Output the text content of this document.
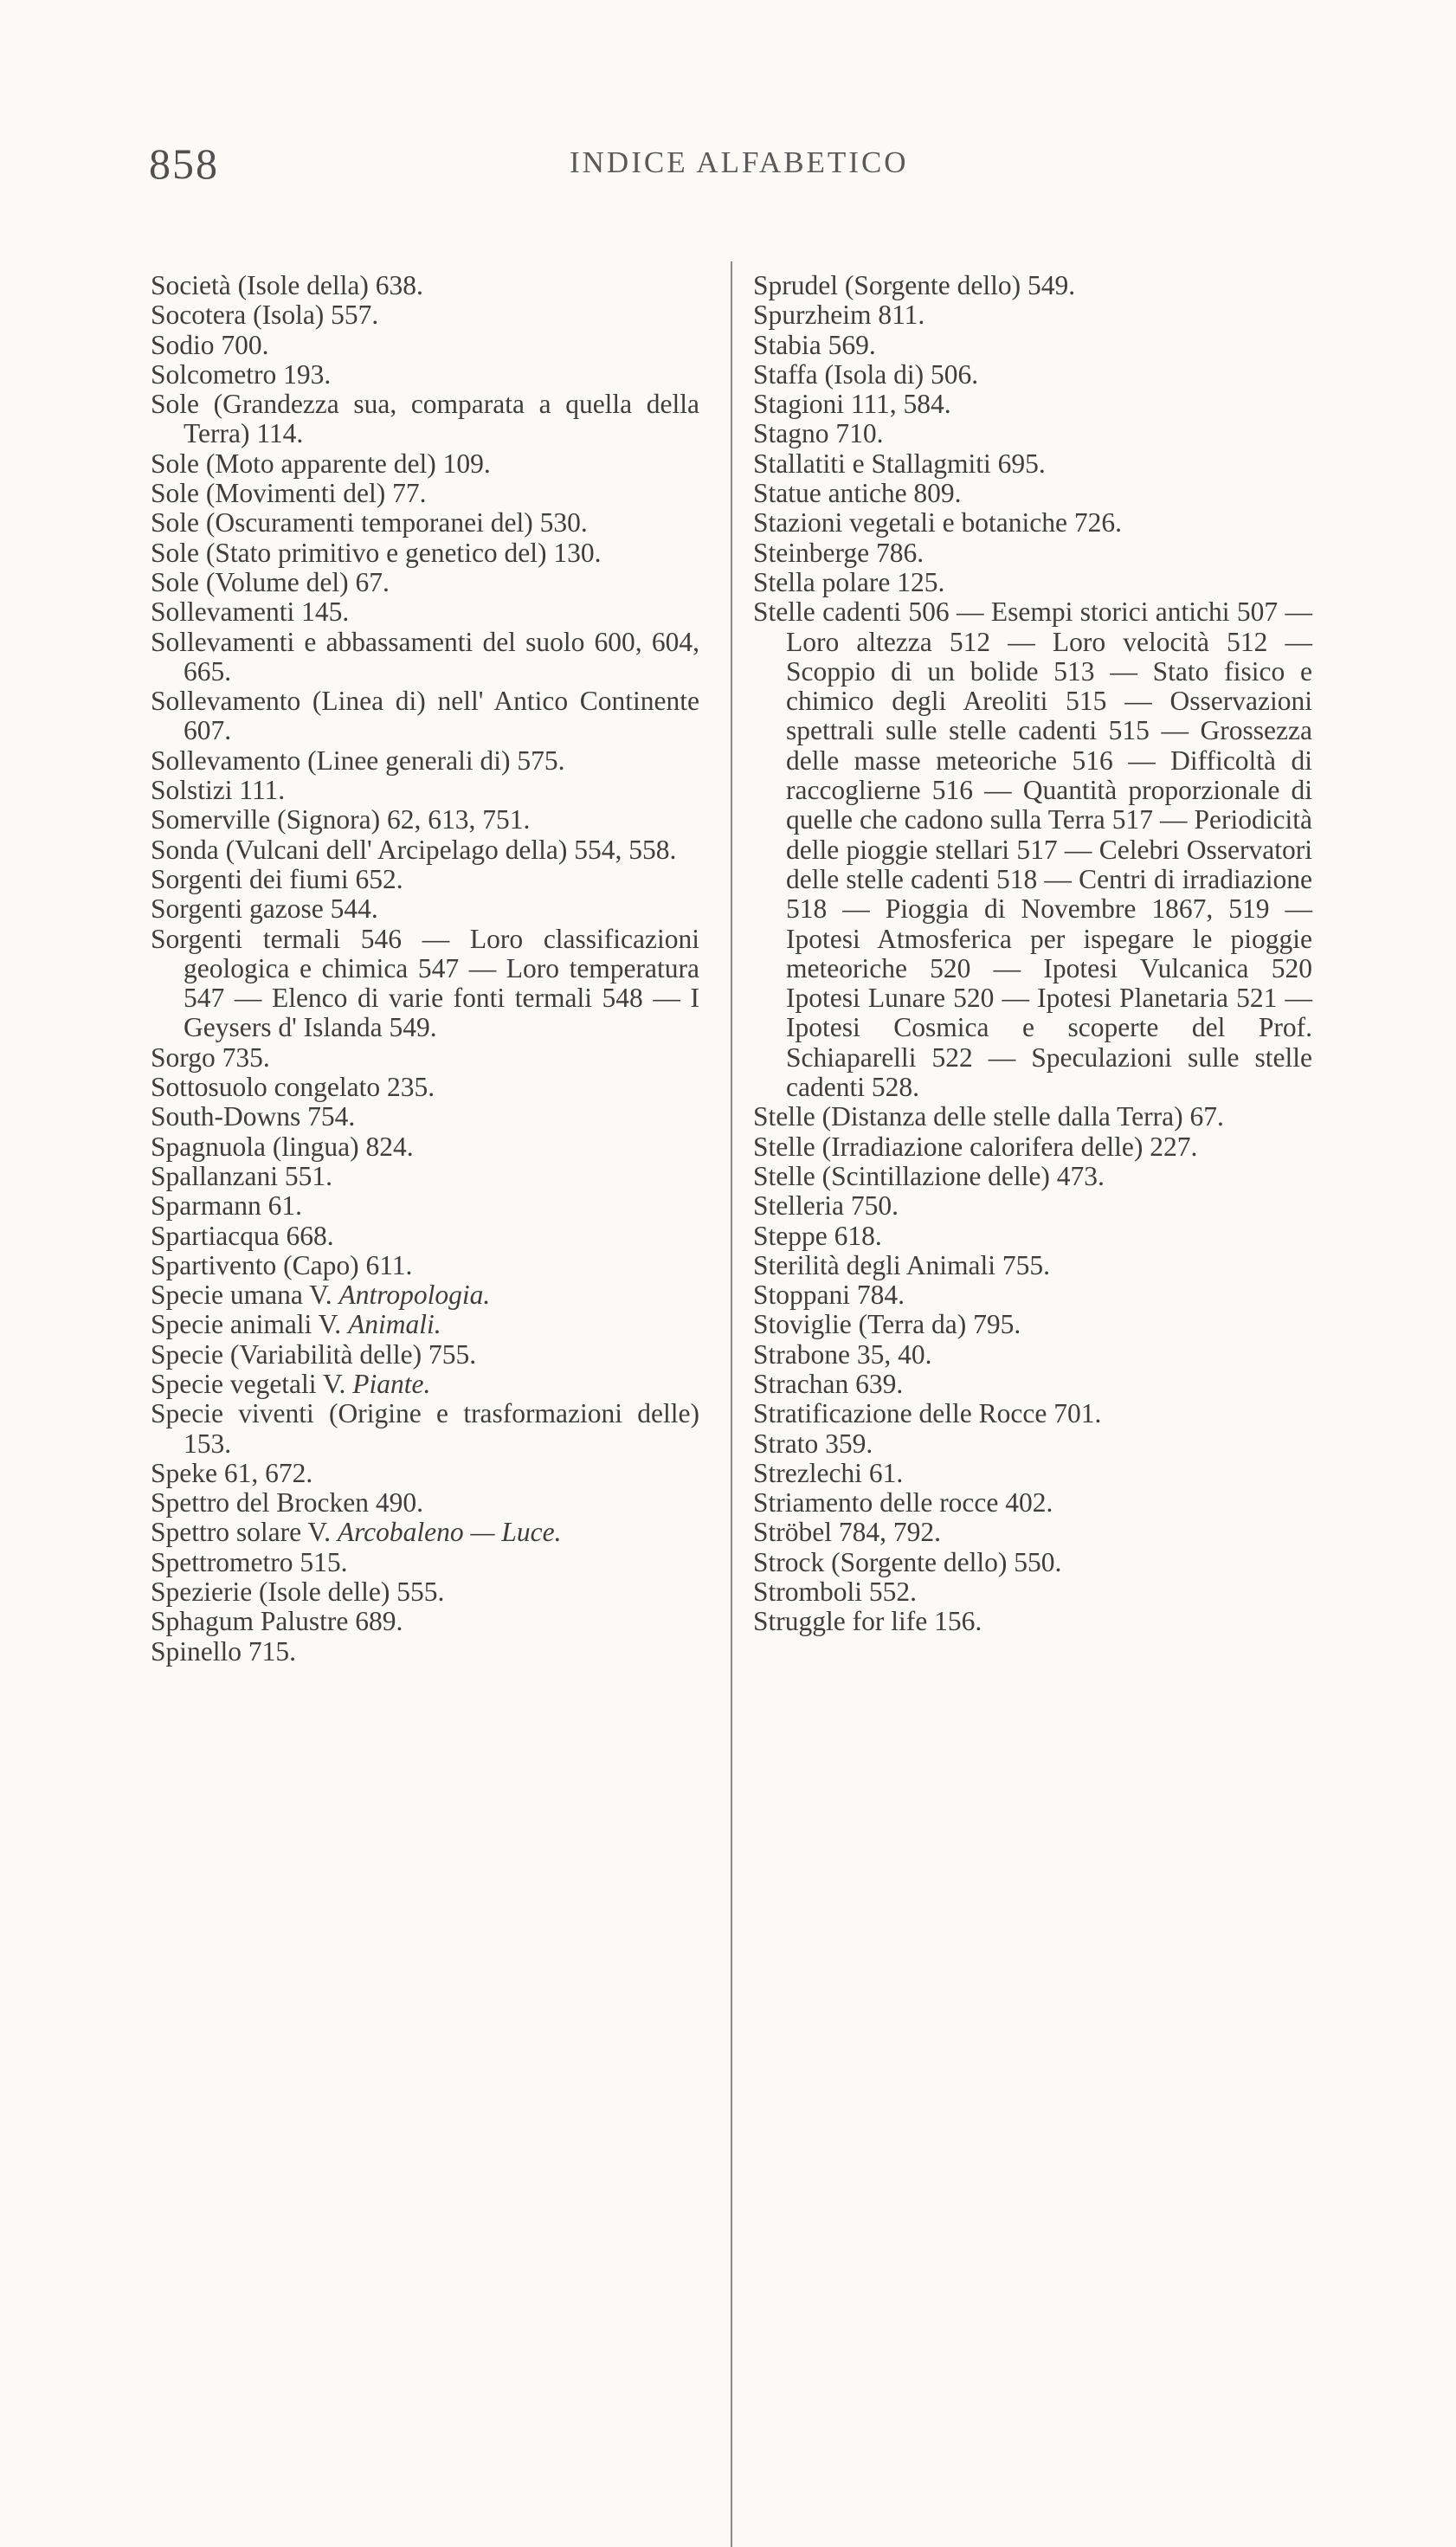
858	INDICE ALFABETICO
Società (Isole della) 638.
Socotera (Isola) 557.
Sodio 700.
Solcometro 193.
Sole (Grandezza sua, comparata a quella della Terra) 114.
Sole (Moto apparente del) 109.
Sole (Movimenti del) 77.
Sole (Oscuramenti temporanei del) 530.
Sole (Stato primitivo e genetico del) 130.
Sole (Volume del) 67.
Sollevamenti 145.
Sollevamenti e abbassamenti del suolo 600, 604, 665.
Sollevamento (Linea di) nell' Antico Continente 607.
Sollevamento (Linee generali di) 575.
Solstizi 111.
Somerville (Signora) 62, 613, 751.
Sonda (Vulcani dell' Arcipelago della) 554, 558.
Sorgenti dei fiumi 652.
Sorgenti gazose 544.
Sorgenti termali 546 — Loro classificazioni geologica e chimica 547 — Loro temperatura 547 — Elenco di varie fonti termali 548 — I Geysers d' Islanda 549.
Sorgo 735.
Sottosuolo congelato 235.
South-Downs 754.
Spagnuola (lingua) 824.
Spallanzani 551.
Sparmann 61.
Spartiacqua 668.
Spartivento (Capo) 611.
Specie umana V. Antropologia.
Specie animali V. Animali.
Specie (Variabilità delle) 755.
Specie vegetali V. Piante.
Specie viventi (Origine e trasformazioni delle) 153.
Speke 61, 672.
Spettro del Brocken 490.
Spettro solare V. Arcobaleno — Luce.
Spettrometro 515.
Spezierie (Isole delle) 555.
Sphagum Palustre 689.
Spinello 715.
Sprudel (Sorgente dello) 549.
Spurzheim 811.
Stabia 569.
Staffa (Isola di) 506.
Stagioni 111, 584.
Stagno 710.
Stallatiti e Stallagmiti 695.
Statue antiche 809.
Stazioni vegetali e botaniche 726.
Steinberge 786.
Stella polare 125.
Stelle cadenti 506 — Esempi storici antichi 507 — Loro altezza 512 — Loro velocità 512 — Scoppio di un bolide 513 — Stato fisico e chimico degli Areoliti 515 — Osservazioni spettrali sulle stelle cadenti 515 — Grossezza delle masse meteoriche 516 — Difficoltà di raccoglierne 516 — Quantità proporzionale di quelle che cadono sulla Terra 517 — Periodicità delle pioggie stellari 517 — Celebri Osservatori delle stelle cadenti 518 — Centri di irradiazione 518 — Pioggia di Novembre 1867, 519 — Ipotesi Atmosferica per ispegare le pioggie meteoriche 520 — Ipotesi Vulcanica 520 Ipotesi Lunare 520 — Ipotesi Planetaria 521 — Ipotesi Cosmica e scoperte del Prof. Schiaparelli 522 — Speculazioni sulle stelle cadenti 528.
Stelle (Distanza delle stelle dalla Terra) 67.
Stelle (Irradiazione calorifera delle) 227.
Stelle (Scintillazione delle) 473.
Stelleria 750.
Steppe 618.
Sterilità degli Animali 755.
Stoppani 784.
Stoviglie (Terra da) 795.
Strabone 35, 40.
Strachan 639.
Stratificazione delle Rocce 701.
Strato 359.
Strezlechi 61.
Striamento delle rocce 402.
Ströbel 784, 792.
Strock (Sorgente dello) 550.
Stromboli 552.
Struggle for life 156.
